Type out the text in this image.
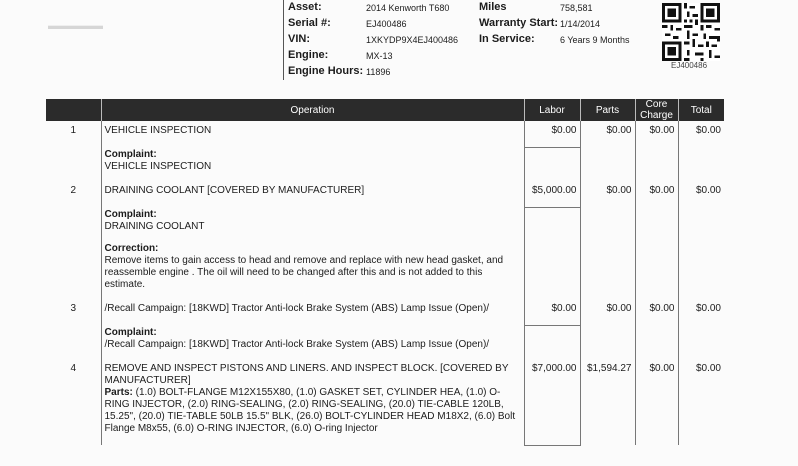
▬▬▬▬▬
Asset:	2014 Kenworth T680
Serial #:	EJ400486
VIN:	1XKYDP9X4EJ400486
Engine:	MX-13
Engine Hours: 11896
Miles	758,581
Warranty Start: 1/14/2014
In Service:	6 Years 9 Months
EJ400486
	Operation	Labor	Parts	Core Charge	Total
1	VEHICLE INSPECTION	$0.00	$0.00	$0.00	$0.00

	Complaint:
VEHICLE INSPECTION				

2	DRAINING COOLANT [COVERED BY MANUFACTURER]	$5,000.00	$0.00	$0.00	$0.00

	Complaint:
DRAINING COOLANT				

	Correction:
Remove items to gain access to head and remove and replace with new head gasket, and reassemble engine . The oil will need to be changed after this and is not added to this estimate.				

3	/Recall Campaign: [18KWD] Tractor Anti-lock Brake System (ABS) Lamp Issue (Open)/	$0.00	$0.00	$0.00	$0.00

	Complaint:
/Recall Campaign: [18KWD] Tractor Anti-lock Brake System (ABS) Lamp Issue (Open)/				

4	REMOVE AND INSPECT PISTONS AND LINERS. AND INSPECT BLOCK. [COVERED BY MANUFACTURER]
Parts: (1.0) BOLT-FLANGE M12X155X80, (1.0) GASKET SET, CYLINDER HEA, (1.0) O-RING INJECTOR, (2.0) RING-SEALING, (2.0) RING-SEALING, (20.0) TIE-CABLE 120LB, 15.25", (20.0) TIE-TABLE 50LB 15.5" BLK, (26.0) BOLT-CYLINDER HEAD M18X2, (6.0) Bolt Flange M8x55, (6.0) O-RING INJECTOR, (6.0) O-ring Injector	$7,000.00	$1,594.27	$0.00	$0.00
